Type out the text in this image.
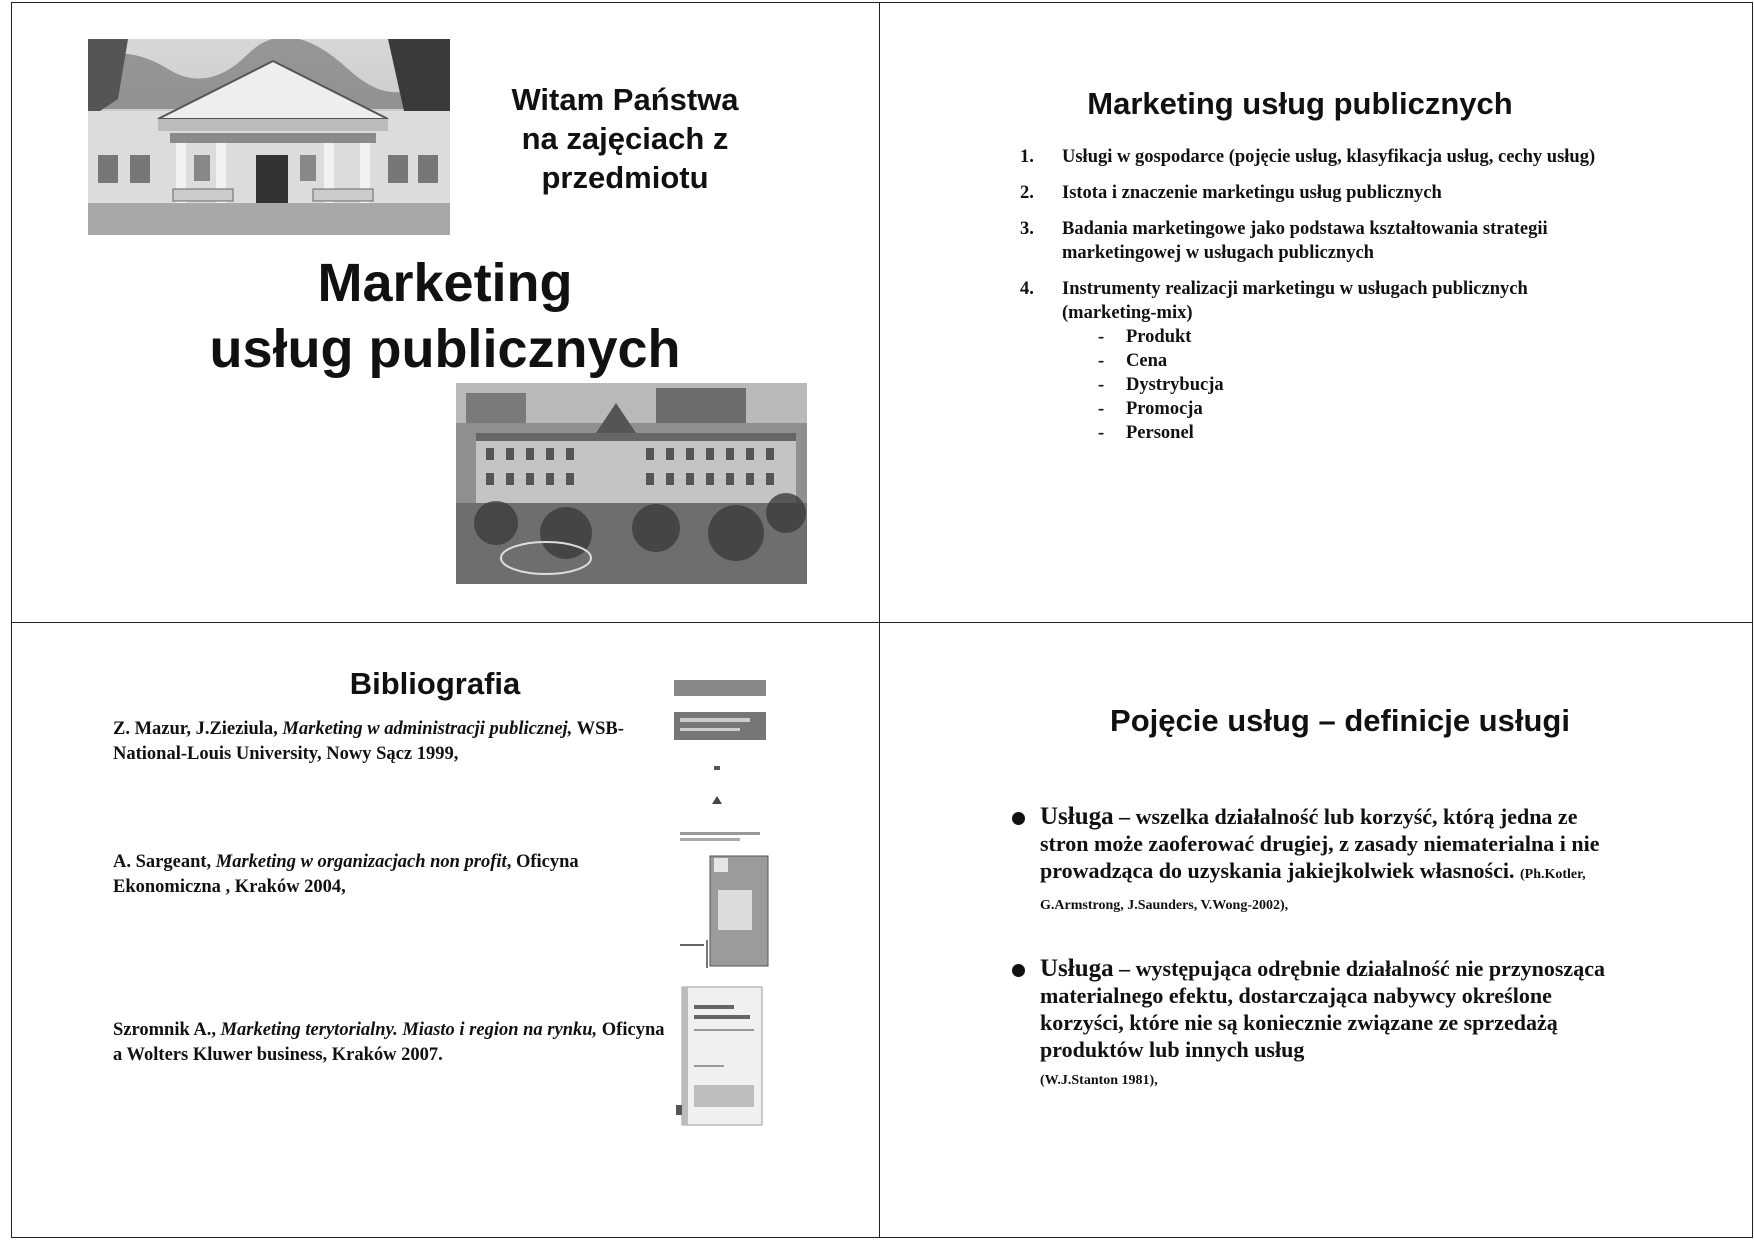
Witam Państwa
na zajęciach z
przedmiotu
Marketing
usług publicznych
Marketing usług publicznych
1. Usługi w gospodarce (pojęcie usług, klasyfikacja usług, cechy usług)
2. Istota i znaczenie marketingu usług publicznych
3. Badania marketingowe jako podstawa kształtowania strategii marketingowej w usługach publicznych
4. Instrumenty realizacji marketingu w usługach publicznych (marketing-mix)
- Produkt
- Cena
- Dystrybucja
- Promocja
- Personel
Bibliografia
Z. Mazur, J.Zieziula, Marketing w administracji publicznej, WSB-National-Louis University, Nowy Sącz 1999,
A. Sargeant, Marketing w organizacjach non profit, Oficyna Ekonomiczna , Kraków 2004,
Szromnik A., Marketing terytorialny. Miasto i region na rynku, Oficyna a Wolters Kluwer business, Kraków 2007.
Pojęcie usług – definicje usługi
Usługa – wszelka działalność lub korzyść, którą jedna ze stron może zaoferować drugiej, z zasady niematerialna i nie prowadząca do uzyskania jakiejkolwiek własności. (Ph.Kotler, G.Armstrong, J.Saunders, V.Wong-2002),
Usługa – występująca odrębnie działalność nie przynosząca materialnego efektu, dostarczająca nabywcy określone korzyści, które nie są koniecznie związane ze sprzedażą produktów lub innych usług
(W.J.Stanton 1981),
